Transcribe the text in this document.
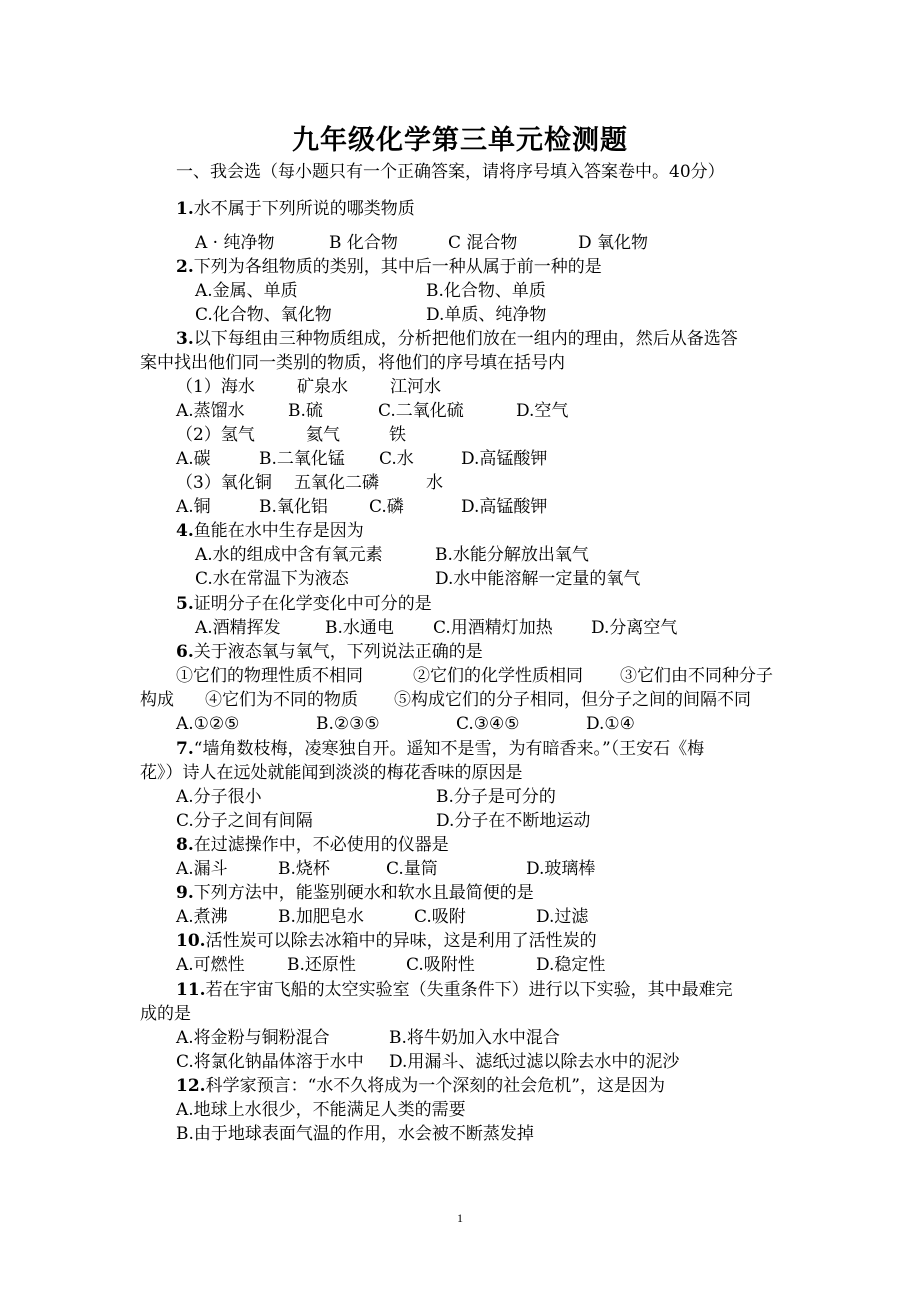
九年级化学第三单元检测题
一、我会选（每小题只有一个正确答案，请将序号填入答案卷中。40分）
1.水不属于下列所说的哪类物质
A · 纯净物	B 化合物	C 混合物	D 氧化物
2.下列为各组物质的类别，其中后一种从属于前一种的是
A.金属、单质	B.化合物、单质
C.化合物、氧化物	D.单质、纯净物
3.以下每组由三种物质组成，分析把他们放在一组内的理由，然后从备选答
案中找出他们同一类别的物质，将他们的序号填在括号内
（1）海水 矿泉水 江河水
A.蒸馏水	B.硫	C.二氧化硫	D.空气
（2）氢气	氦气	铁
A.碳	B.二氧化锰 C.水	D.高锰酸钾
（3）氧化铜 五氧化二磷	水
A.铜	B.氧化铝 C.磷	D.高锰酸钾
4.鱼能在水中生存是因为
A.水的组成中含有氧元素	B.水能分解放出氧气
C.水在常温下为液态	D.水中能溶解一定量的氧气
5.证明分子在化学变化中可分的是
A.酒精挥发	B.水通电 C.用酒精灯加热 D.分离空气
6.关于液态氧与氧气，下列说法正确的是
①它们的物理性质不相同	②它们的化学性质相同 ③它们由不同种分子
构成 ④它们为不同的物质 ⑤构成它们的分子相同，但分子之间的间隔不同
A.①②⑤	B.②③⑤	C.③④⑤	D.①④
7.“墙角数枝梅，凌寒独自开。遥知不是雪，为有暗香来。”（王安石《梅
花》）诗人在远处就能闻到淡淡的梅花香味的原因是
A.分子很小	B.分子是可分的
C.分子之间有间隔	D.分子在不断地运动
8.在过滤操作中，不必使用的仪器是
A.漏斗	B.烧杯	C.量筒	D.玻璃棒
9.下列方法中，能鉴别硬水和软水且最简便的是
A.煮沸	B.加肥皂水	C.吸附	D.过滤
10.活性炭可以除去冰箱中的异味，这是利用了活性炭的
A.可燃性 B.还原性	C.吸附性	D.稳定性
11.若在宇宙飞船的太空实验室（失重条件下）进行以下实验，其中最难完
成的是
A.将金粉与铜粉混合	B.将牛奶加入水中混合
C.将氯化钠晶体溶于水中 D.用漏斗、滤纸过滤以除去水中的泥沙
12.科学家预言：“水不久将成为一个深刻的社会危机”，这是因为
A.地球上水很少，不能满足人类的需要
B.由于地球表面气温的作用，水会被不断蒸发掉
1
